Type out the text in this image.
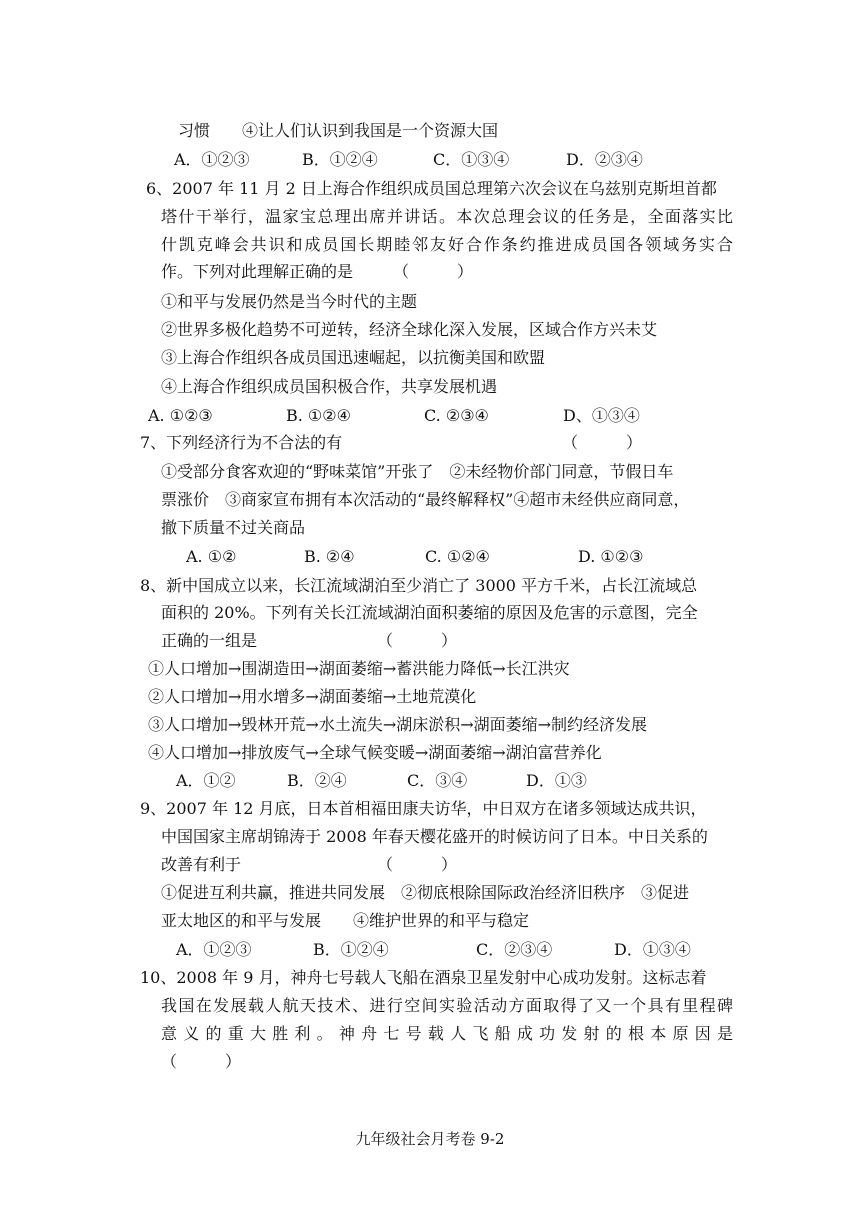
习惯　　④让人们认识到我国是一个资源大国
A．①②③	B．①②④	C．①③④	D．②③④
6、2007 年 11 月 2 日上海合作组织成员国总理第六次会议在乌兹别克斯坦首都
塔什干举行，温家宝总理出席并讲话。本次总理会议的任务是，全面落实比
什凯克峰会共识和成员国长期睦邻友好合作条约推进成员国各领域务实合
作。下列对此理解正确的是　　　（　　　）
①和平与发展仍然是当今时代的主题
②世界多极化趋势不可逆转，经济全球化深入发展，区域合作方兴未艾
③上海合作组织各成员国迅速崛起，以抗衡美国和欧盟
④上海合作组织成员国积极合作，共享发展机遇
A. ①②③	B. ①②④	C. ②③④	D、①③④
7、下列经济行为不合法的有	（　　　）
①受部分食客欢迎的“野味菜馆”开张了　②未经物价部门同意，节假日车
票涨价　③商家宣布拥有本次活动的“最终解释权”④超市未经供应商同意，
撤下质量不过关商品
A. ①②	B. ②④	C. ①②④	D. ①②③
8、新中国成立以来，长江流域湖泊至少消亡了 3000 平方千米，占长江流域总
面积的 20%。下列有关长江流域湖泊面积萎缩的原因及危害的示意图，完全
正确的一组是　　　　　　　　（　　　）
①人口增加→围湖造田→湖面萎缩→蓄洪能力降低→长江洪灾
②人口增加→用水增多→湖面萎缩→土地荒漠化
③人口增加→毁林开荒→水土流失→湖床淤积→湖面萎缩→制约经济发展
④人口增加→排放废气→全球气候变暖→湖面萎缩→湖泊富营养化
A．①②	B．②④	C．③④	D．①③
9、2007 年 12 月底，日本首相福田康夫访华，中日双方在诸多领域达成共识，
中国国家主席胡锦涛于 2008 年春天樱花盛开的时候访问了日本。中日关系的
改善有利于　　　　　　　　　（　　　）
①促进互利共赢，推进共同发展　②彻底根除国际政治经济旧秩序　③促进
亚太地区的和平与发展　　④维护世界的和平与稳定
A．①②③	B．①②④	C．②③④	D．①③④
10、2008 年 9 月，神舟七号载人飞船在酒泉卫星发射中心成功发射。这标志着
我国在发展载人航天技术、进行空间实验活动方面取得了又一个具有里程碑
意义的重大胜利。神舟七号载人飞船成功发射的根本原因是
（　　　）
九年级社会月考卷 9-2
